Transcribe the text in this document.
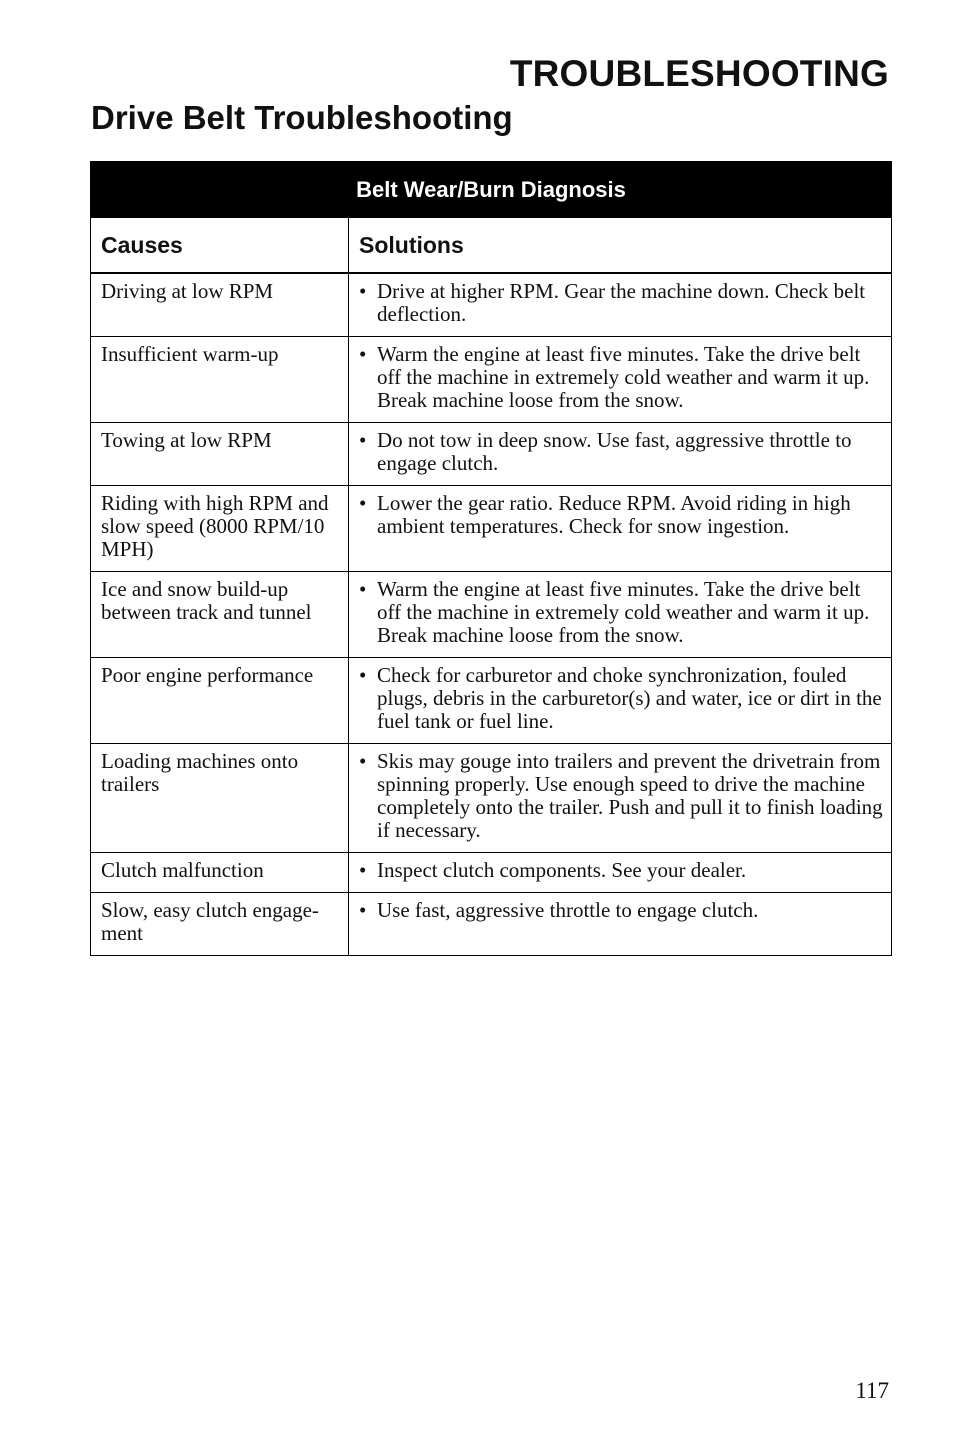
TROUBLESHOOTING
Drive Belt Troubleshooting
Belt Wear/Burn Diagnosis	
Causes	Solutions
Driving at low RPM	• Drive at higher RPM. Gear the machine down. Check belt deflection.

Insufficient warm-up	• Warm the engine at least five minutes. Take the drive belt off the machine in extremely cold weather and warm it up. Break machine loose from the snow.

Towing at low RPM	• Do not tow in deep snow. Use fast, aggressive throttle to engage clutch.

Riding with high RPM and slow speed (8000 RPM/10 MPH)	• Lower the gear ratio. Reduce RPM. Avoid riding in high ambient temperatures. Check for snow ingestion.

Ice and snow build-up between track and tunnel	• Warm the engine at least five minutes. Take the drive belt off the machine in extremely cold weather and warm it up. Break machine loose from the snow.

Poor engine performance	• Check for carburetor and choke synchronization, fouled plugs, debris in the carburetor(s) and water, ice or dirt in the fuel tank or fuel line.

Loading machines onto trailers	• Skis may gouge into trailers and prevent the drivetrain from spinning properly. Use enough speed to drive the machine completely onto the trailer. Push and pull it to finish loading if necessary.

Clutch malfunction	• Inspect clutch components. See your dealer.

Slow, easy clutch engage-ment	• Use fast, aggressive throttle to engage clutch.
117
